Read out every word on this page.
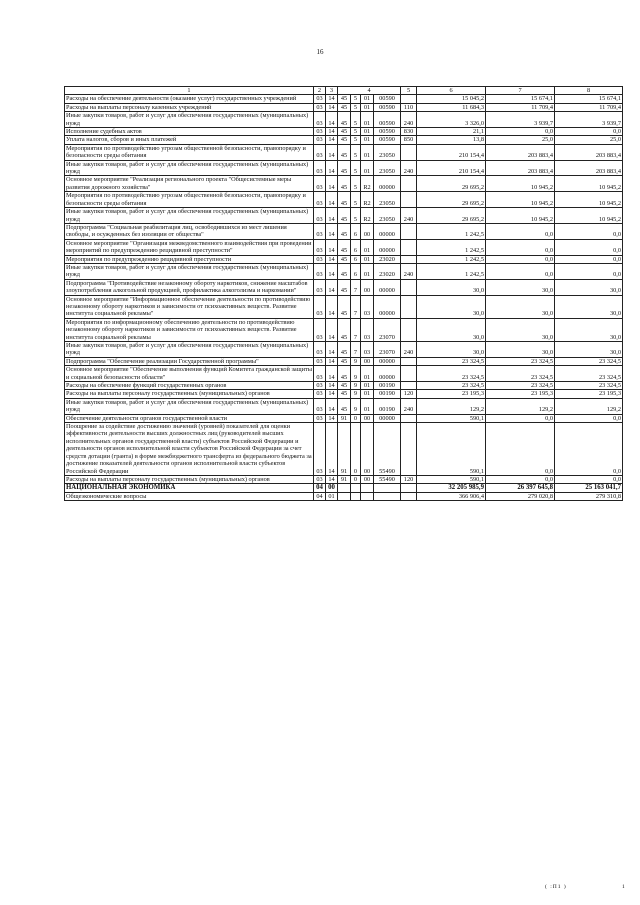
16
1	2	3	4				5	6	7	8
Расходы на обеспечение деятельности (оказание услуг) государственных учреждений	03	14	45	5	01	00590		15 045,2	15 674,1	15 674,1
Расходы на выплаты персоналу казенных учреждений	03	14	45	5	01	00590	110	11 684,3	11 709,4	11 709,4
Иные закупки товаров, работ и услуг для обеспечения государственных (муниципальных) нужд	03	14	45	5	01	00590	240	3 326,0	3 939,7	3 939,7
Исполнение судебных актов	03	14	45	5	01	00590	830	21,1	0,0	0,0
Уплата налогов, сборов и иных платежей	03	14	45	5	01	00590	850	13,8	25,0	25,0
Мероприятия по противодействию угрозам общественной безопасности, правопорядку и безопасности среды обитания	03	14	45	5	01	23050		210 154,4	203 883,4	203 883,4
Иные закупки товаров, работ и услуг для обеспечения государственных (муниципальных) нужд	03	14	45	5	01	23050	240	210 154,4	203 883,4	203 883,4
Основное мероприятие "Реализация регионального проекта "Общесистемные меры развития дорожного хозяйства"	03	14	45	5	R2	00000		29 695,2	10 945,2	10 945,2
Мероприятия по противодействию угрозам общественной безопасности, правопорядку и безопасности среды обитания	03	14	45	5	R2	23050		29 695,2	10 945,2	10 945,2
Иные закупки товаров, работ и услуг для обеспечения государственных (муниципальных) нужд	03	14	45	5	R2	23050	240	29 695,2	10 945,2	10 945,2
Подпрограмма "Социальная реабилитация лиц, освободившихся из мест лишения свободы, и осужденных без изоляции от общества"	03	14	45	6	00	00000		1 242,5	0,0	0,0
Основное мероприятие "Организация межведомственного взаимодействия при проведении мероприятий по предупреждению рецидивной преступности"	03	14	45	6	01	00000		1 242,5	0,0	0,0
Мероприятия по предупреждению рецидивной преступности	03	14	45	6	01	23020		1 242,5	0,0	0,0
Иные закупки товаров, работ и услуг для обеспечения государственных (муниципальных) нужд	03	14	45	6	01	23020	240	1 242,5	0,0	0,0
Подпрограмма "Противодействие незаконному обороту наркотиков, снижение масштабов злоупотребления алкогольной продукцией, профилактика алкоголизма и наркомании"	03	14	45	7	00	00000		30,0	30,0	30,0
Основное мероприятие "Информационное обеспечение деятельности по противодействию незаконному обороту наркотиков и зависимости от психоактивных веществ. Развитие института социальной рекламы"	03	14	45	7	03	00000		30,0	30,0	30,0
Мероприятия по информационному обеспечению деятельности по противодействию незаконному обороту наркотиков и зависимости от психоактивных веществ. Развитие института социальной рекламы	03	14	45	7	03	23070		30,0	30,0	30,0
Иные закупки товаров, работ и услуг для обеспечения государственных (муниципальных) нужд	03	14	45	7	03	23070	240	30,0	30,0	30,0
Подпрограмма "Обеспечение реализации Государственной программы"	03	14	45	9	00	00000		23 324,5	23 324,5	23 324,5
Основное мероприятие "Обеспечение выполнения функций Комитета гражданской защиты и социальной безопасности области"	03	14	45	9	01	00000		23 324,5	23 324,5	23 324,5
Расходы на обеспечение функций государственных органов	03	14	45	9	01	00190		23 324,5	23 324,5	23 324,5
Расходы на выплаты персоналу государственных (муниципальных) органов	03	14	45	9	01	00190	120	23 195,3	23 195,3	23 195,3
Иные закупки товаров, работ и услуг для обеспечения государственных (муниципальных) нужд	03	14	45	9	01	00190	240	129,2	129,2	129,2
Обеспечение деятельности органов государственной власти	03	14	91	0	00	00000		590,1	0,0	0,0
Поощрение за содействие достижению значений (уровней) показателей для оценки эффективности деятельности высших должностных лиц (руководителей высших исполнительных органов государственной власти) субъектов Российской Федерации и деятельности органов исполнительной власти субъектов Российской Федерации за счет средств дотации (гранта) в форме межбюджетного трансферта из федерального бюджета за достижение показателей деятельности органов исполнительной власти субъектов Российской Федерации	03	14	91	0	00	55490		590,1	0,0	0,0
Расходы на выплаты персоналу государственных (муниципальных) органов	03	14	91	0	00	55490	120	590,1	0,0	0,0
НАЦИОНАЛЬНАЯ ЭКОНОМИКА	04	00						32 205 985,9	26 397 645,8	25 163 041,7
Общеэкономические вопросы	04	01						366 906,4	279 020,8	279 310,8
( :П1 )	1
